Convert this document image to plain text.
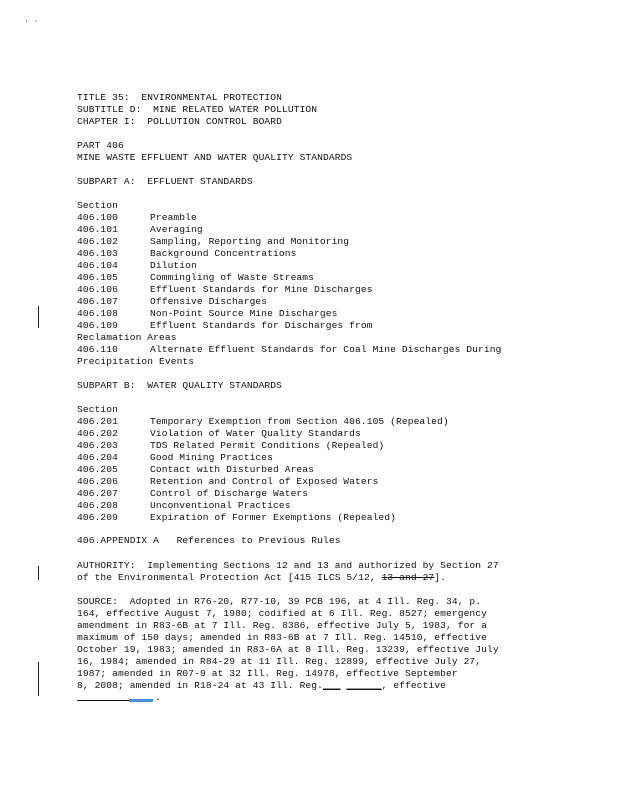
' '
TITLE 35:  ENVIRONMENTAL PROTECTION
SUBTITLE D:  MINE RELATED WATER POLLUTION
CHAPTER I:  POLLUTION CONTROL BOARD
PART 406
MINE WASTE EFFLUENT AND WATER QUALITY STANDARDS
SUBPART A:  EFFLUENT STANDARDS
Section
406.100	Preamble
406.101	Averaging
406.102	Sampling, Reporting and Monitoring
406.103	Background Concentrations
406.104	Dilution
406.105	Commingling of Waste Streams
406.106	Effluent Standards for Mine Discharges
406.107	Offensive Discharges
406.108	Non-Point Source Mine Discharges
406.109	Effluent Standards for Discharges from
Reclamation Areas
406.110	Alternate Effluent Standards for Coal Mine Discharges During
Precipitation Events
SUBPART B:  WATER QUALITY STANDARDS
Section
406.201	Temporary Exemption from Section 406.105 (Repealed)
406.202	Violation of Water Quality Standards
406.203	TDS Related Permit Conditions (Repealed)
406.204	Good Mining Practices
406.205	Contact with Disturbed Areas
406.206	Retention and Control of Exposed Waters
406.207	Control of Discharge Waters
406.208	Unconventional Practices
406.209	Expiration of Former Exemptions (Repealed)
406.APPENDIX A   References to Previous Rules
AUTHORITY:  Implementing Sections 12 and 13 and authorized by Section 27
of the Environmental Protection Act [415 ILCS 5/12, 13 and 27].
SOURCE:  Adopted in R76-20, R77-10, 39 PCB 196, at 4 Ill. Reg. 34, p.
164, effective August 7, 1980; codified at 6 Ill. Reg. 8527; emergency
amendment in R83-6B at 7 Ill. Reg. 8386, effective July 5, 1983, for a
maximum of 150 days; amended in R83-6B at 7 Ill. Reg. 14510, effective
October 19, 1983; amended in R83-6A at 8 Ill. Reg. 13239, effective July
16, 1984; amended in R84-29 at 11 Ill. Reg. 12899, effective July 27,
1987; amended in R07-9 at 32 Ill. Reg. 14978, effective September
8, 2008; amended in R18-24 at 43 Ill. Reg.___ ______, effective
.
